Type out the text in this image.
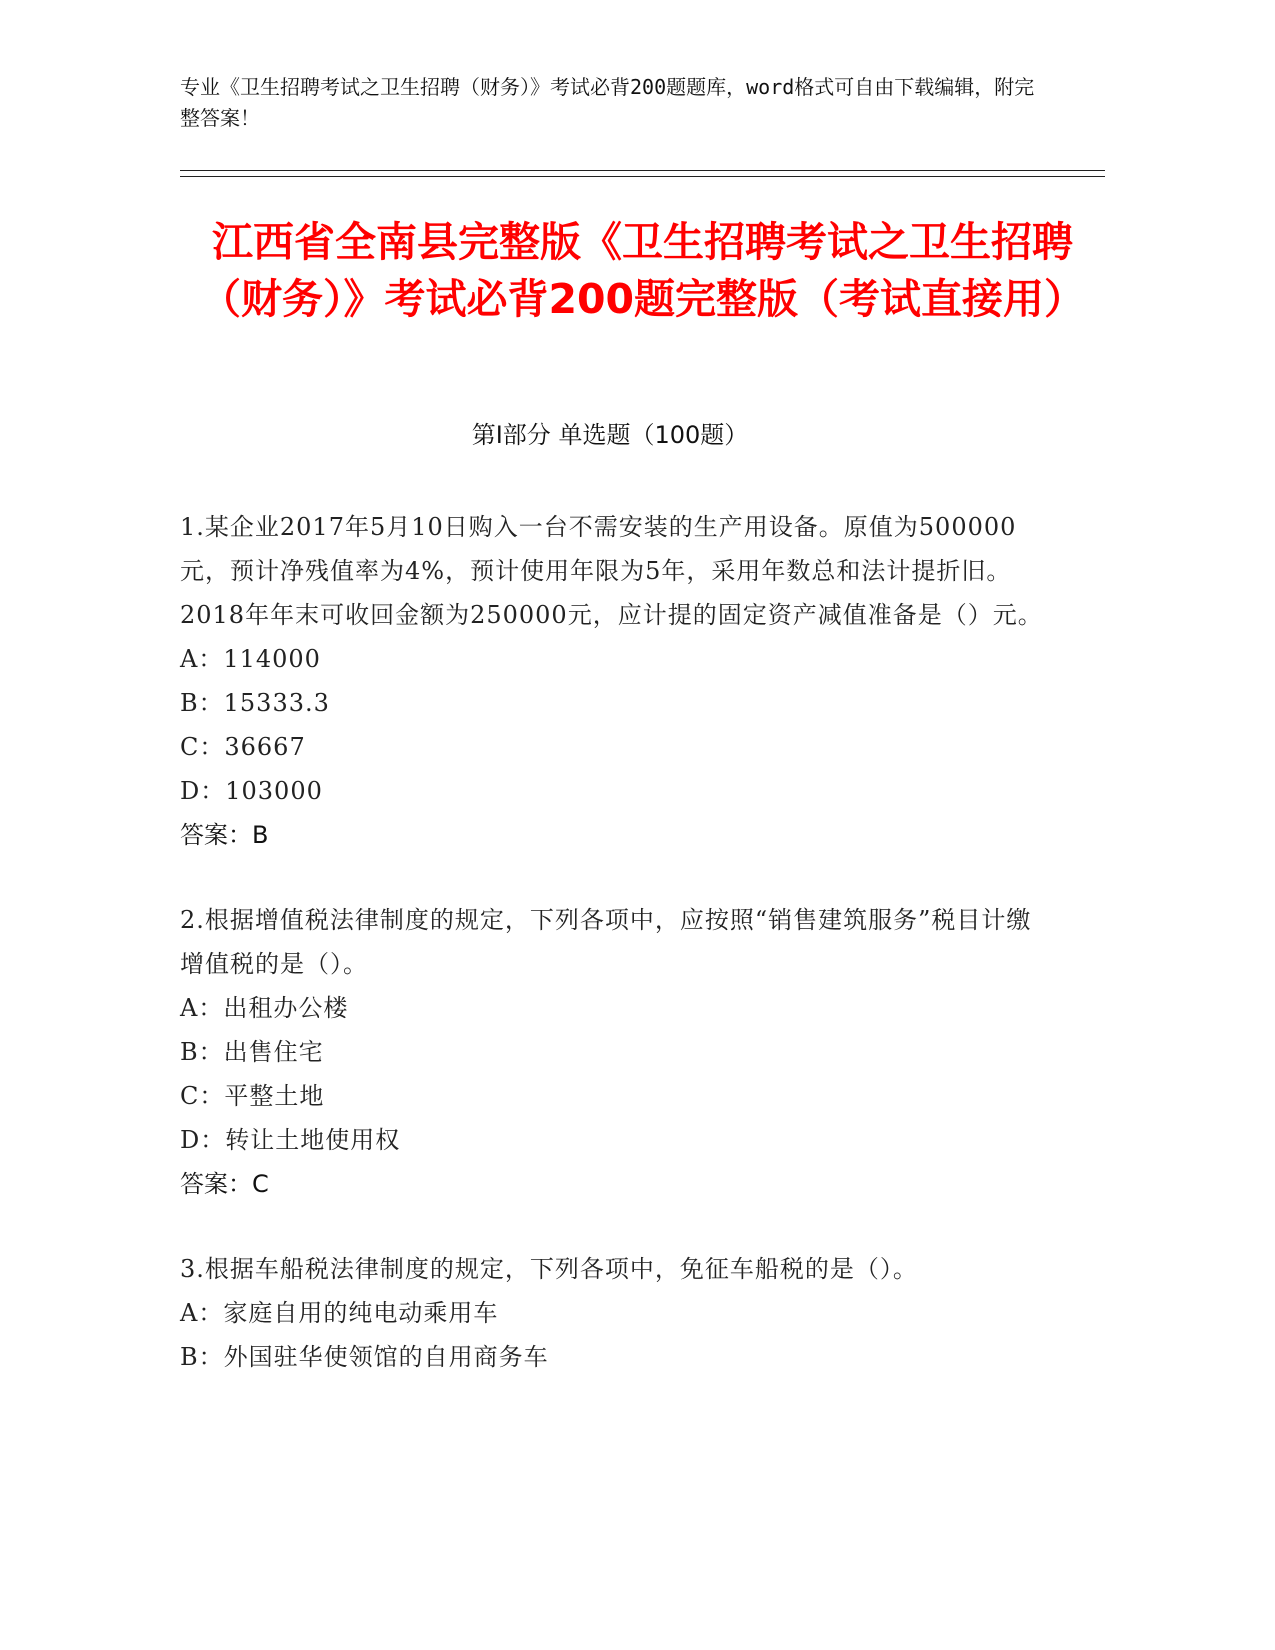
专业《卫生招聘考试之卫生招聘（财务）》考试必背200题题库，word格式可自由下载编辑，附完整答案！
江西省全南县完整版《卫生招聘考试之卫生招聘（财务）》考试必背200题完整版（考试直接用）
第Ⅰ部分 单选题（100题）
1.某企业2017年5月10日购入一台不需安装的生产用设备。原值为500000元，预计净残值率为4%，预计使用年限为5年，采用年数总和法计提折旧。2018年年末可收回金额为250000元，应计提的固定资产减值准备是（）元。
A：114000
B：15333.3
C：36667
D：103000
答案：B
2.根据增值税法律制度的规定，下列各项中，应按照“销售建筑服务”税目计缴增值税的是（）。
A：出租办公楼
B：出售住宅
C：平整土地
D：转让土地使用权
答案：C
3.根据车船税法律制度的规定，下列各项中，免征车船税的是（）。
A：家庭自用的纯电动乘用车
B：外国驻华使领馆的自用商务车
